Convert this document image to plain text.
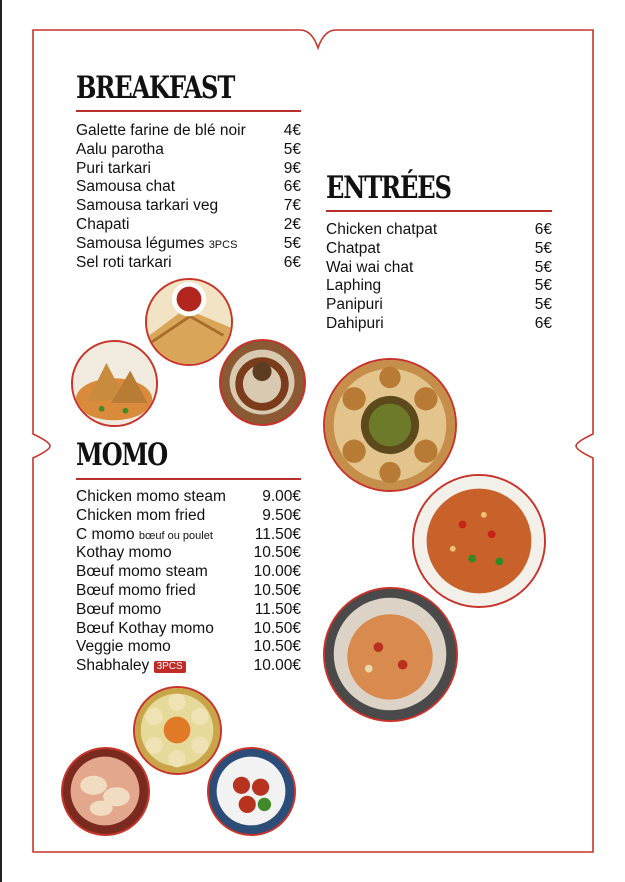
BREAKFAST
Galette farine de blé noir 4€
Aalu parotha	5€
Puri tarkari	9€
Samousa chat	6€
Samousa tarkari veg	7€
Chapati	2€
Samousa légumes 3PCS	5€
Sel roti tarkari	6€
ENTRÉES
Chicken chatpat	6€
Chatpat	5€
Wai wai chat	5€
Laphing	5€
Panipuri	5€
Dahipuri	6€
MOMO
Chicken momo steam 9.00€
Chicken mom fried	9.50€
C momo bœuf ou poulet	11.50€
Kothay momo	10.50€
Bœuf momo steam	10.00€
Bœuf momo fried	10.50€
Bœuf momo	11.50€
Bœuf Kothay momo	10.50€
Veggie momo	10.50€
Shabhaley 3PCS	10.00€
